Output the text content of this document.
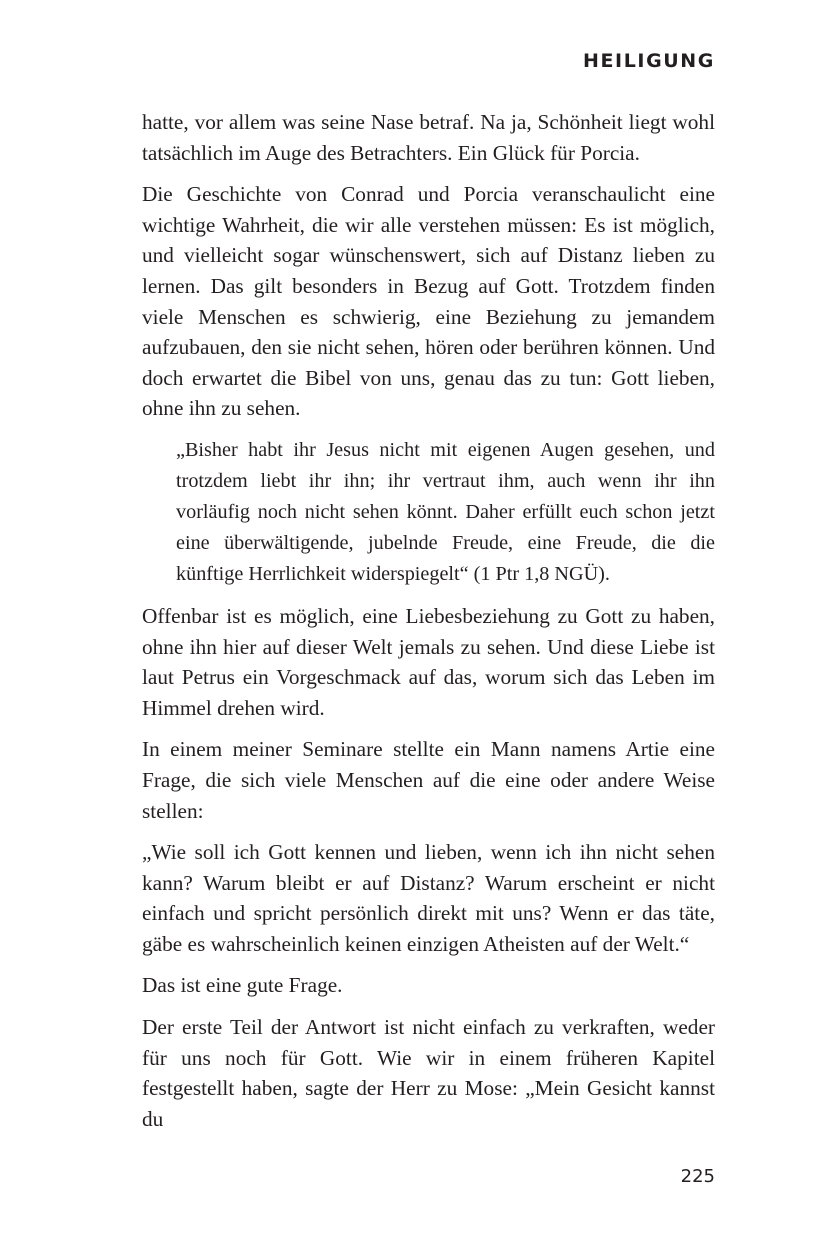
HEILIGUNG

hatte, vor allem was seine Nase betraf. Na ja, Schönheit liegt wohl tatsächlich im Auge des Betrachters. Ein Glück für Porcia.

Die Geschichte von Conrad und Porcia veranschaulicht eine wichtige Wahrheit, die wir alle verstehen müssen: Es ist möglich, und vielleicht sogar wünschenswert, sich auf Distanz lieben zu lernen. Das gilt besonders in Bezug auf Gott. Trotzdem finden viele Menschen es schwierig, eine Beziehung zu jemandem aufzubauen, den sie nicht sehen, hören oder berühren können. Und doch erwartet die Bibel von uns, genau das zu tun: Gott lieben, ohne ihn zu sehen.

„Bisher habt ihr Jesus nicht mit eigenen Augen gesehen, und trotzdem liebt ihr ihn; ihr vertraut ihm, auch wenn ihr ihn vorläufig noch nicht sehen könnt. Daher erfüllt euch schon jetzt eine überwältigende, jubelnde Freude, eine Freude, die die künftige Herrlichkeit widerspiegelt“ (1 Ptr 1,8 NGÜ).

Offenbar ist es möglich, eine Liebesbeziehung zu Gott zu haben, ohne ihn hier auf dieser Welt jemals zu sehen. Und diese Liebe ist laut Petrus ein Vorgeschmack auf das, worum sich das Leben im Himmel drehen wird.

In einem meiner Seminare stellte ein Mann namens Artie eine Frage, die sich viele Menschen auf die eine oder andere Weise stellen:

„Wie soll ich Gott kennen und lieben, wenn ich ihn nicht sehen kann? Warum bleibt er auf Distanz? Warum erscheint er nicht einfach und spricht persönlich direkt mit uns? Wenn er das täte, gäbe es wahrscheinlich keinen einzigen Atheisten auf der Welt.“

Das ist eine gute Frage.

Der erste Teil der Antwort ist nicht einfach zu verkraften, weder für uns noch für Gott. Wie wir in einem früheren Kapitel festgestellt haben, sagte der Herr zu Mose: „Mein Gesicht kannst du

225
